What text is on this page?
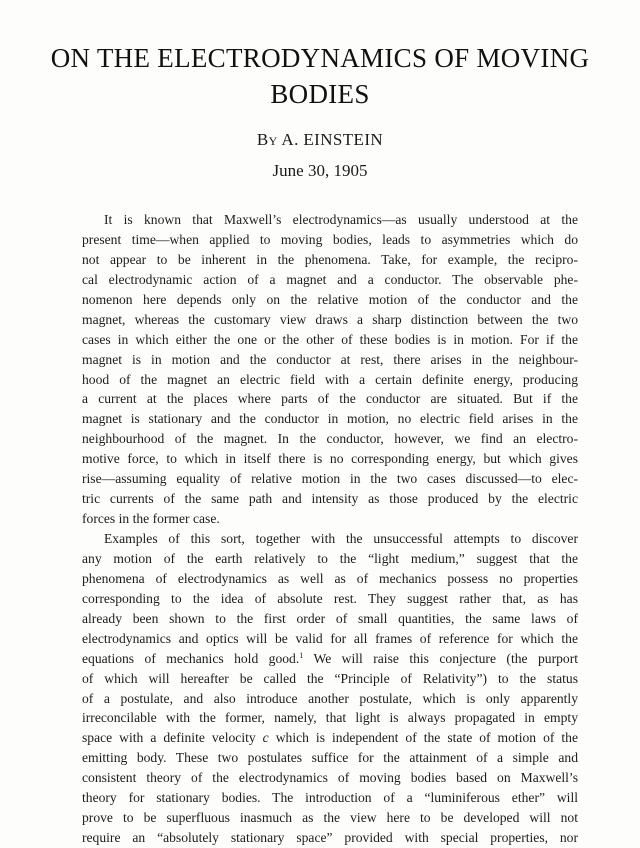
ON THE ELECTRODYNAMICS OF MOVING
BODIES
By A. EINSTEIN
June 30, 1905
It is known that Maxwell’s electrodynamics—as usually understood at the
present time—when applied to moving bodies, leads to asymmetries which do
not appear to be inherent in the phenomena. Take, for example, the recipro-
cal electrodynamic action of a magnet and a conductor. The observable phe-
nomenon here depends only on the relative motion of the conductor and the
magnet, whereas the customary view draws a sharp distinction between the two
cases in which either the one or the other of these bodies is in motion. For if the
magnet is in motion and the conductor at rest, there arises in the neighbour-
hood of the magnet an electric field with a certain definite energy, producing
a current at the places where parts of the conductor are situated. But if the
magnet is stationary and the conductor in motion, no electric field arises in the
neighbourhood of the magnet. In the conductor, however, we find an electro-
motive force, to which in itself there is no corresponding energy, but which gives
rise—assuming equality of relative motion in the two cases discussed—to elec-
tric currents of the same path and intensity as those produced by the electric
forces in the former case.
Examples of this sort, together with the unsuccessful attempts to discover
any motion of the earth relatively to the “light medium,” suggest that the
phenomena of electrodynamics as well as of mechanics possess no properties
corresponding to the idea of absolute rest. They suggest rather that, as has
already been shown to the first order of small quantities, the same laws of
electrodynamics and optics will be valid for all frames of reference for which the
equations of mechanics hold good.$^1$ We will raise this conjecture (the purport
of which will hereafter be called the “Principle of Relativity”) to the status
of a postulate, and also introduce another postulate, which is only apparently
irreconcilable with the former, namely, that light is always propagated in empty
space with a definite velocity c which is independent of the state of motion of the
emitting body. These two postulates suffice for the attainment of a simple and
consistent theory of the electrodynamics of moving bodies based on Maxwell’s
theory for stationary bodies. The introduction of a “luminiferous ether” will
prove to be superfluous inasmuch as the view here to be developed will not
require an “absolutely stationary space” provided with special properties, nor
